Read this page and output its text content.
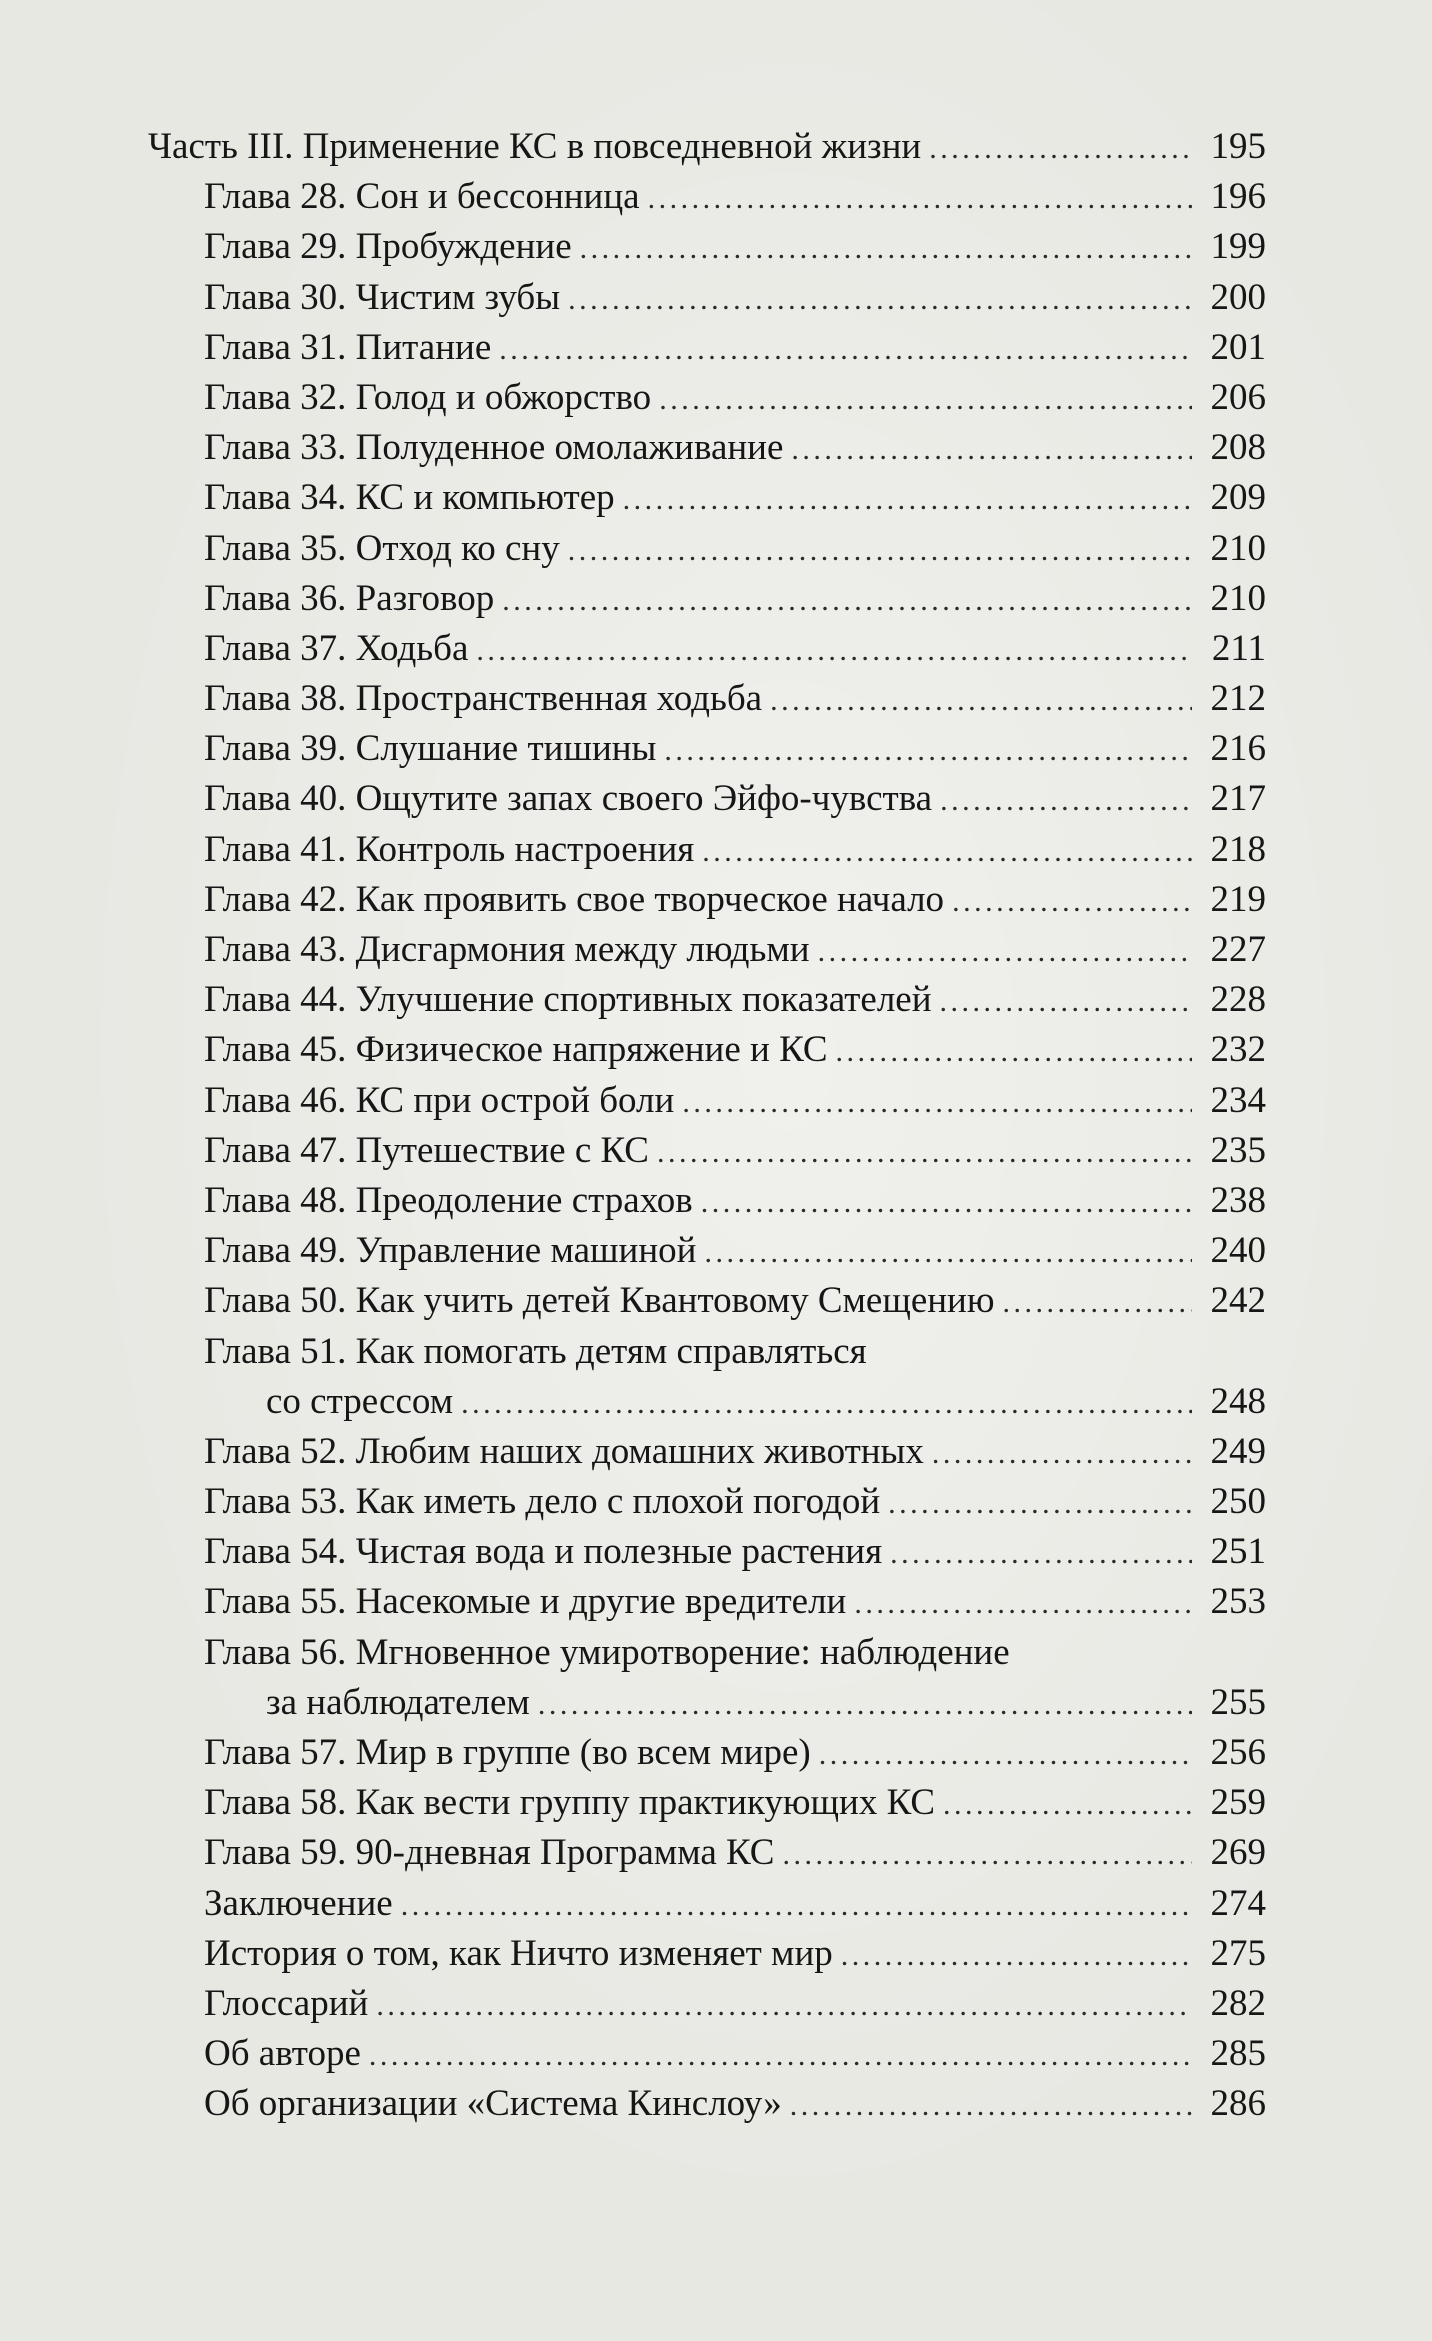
Часть III. Применение КС в повседневной жизни . . .	195
Глава 28. Сон и бессонница . . .	196
Глава 29. Пробуждение . . .	199
Глава 30. Чистим зубы . . .	200
Глава 31. Питание . . .	201
Глава 32. Голод и обжорство . . .	206
Глава 33. Полуденное омолаживание . . .	208
Глава 34. КС и компьютер . . .	209
Глава 35. Отход ко сну . . .	210
Глава 36. Разговор . . .	210
Глава 37. Ходьба . . .	211
Глава 38. Пространственная ходьба . . .	212
Глава 39. Слушание тишины . . .	216
Глава 40. Ощутите запах своего Эйфо-чувства . . .	217
Глава 41. Контроль настроения . . .	218
Глава 42. Как проявить свое творческое начало . . .	219
Глава 43. Дисгармония между людьми . . .	227
Глава 44. Улучшение спортивных показателей . . .	228
Глава 45. Физическое напряжение и КС . . .	232
Глава 46. КС при острой боли . . .	234
Глава 47. Путешествие с КС . . .	235
Глава 48. Преодоление страхов . . .	238
Глава 49. Управление машиной . . .	240
Глава 50. Как учить детей Квантовому Смещению . . .	242
Глава 51. Как помогать детям справляться
со стрессом . . .	248
Глава 52. Любим наших домашних животных . . .	249
Глава 53. Как иметь дело с плохой погодой . . .	250
Глава 54. Чистая вода и полезные растения . . .	251
Глава 55. Насекомые и другие вредители . . .	253
Глава 56. Мгновенное умиротворение: наблюдение
за наблюдателем . . .	255
Глава 57. Мир в группе (во всем мире) . . .	256
Глава 58. Как вести группу практикующих КС . . .	259
Глава 59. 90-дневная Программа КС . . .	269
Заключение . . .	274
История о том, как Ничто изменяет мир . . .	275
Глоссарий . . .	282
Об авторе . . .	285
Об организации «Система Кинслоу» . . .	286
